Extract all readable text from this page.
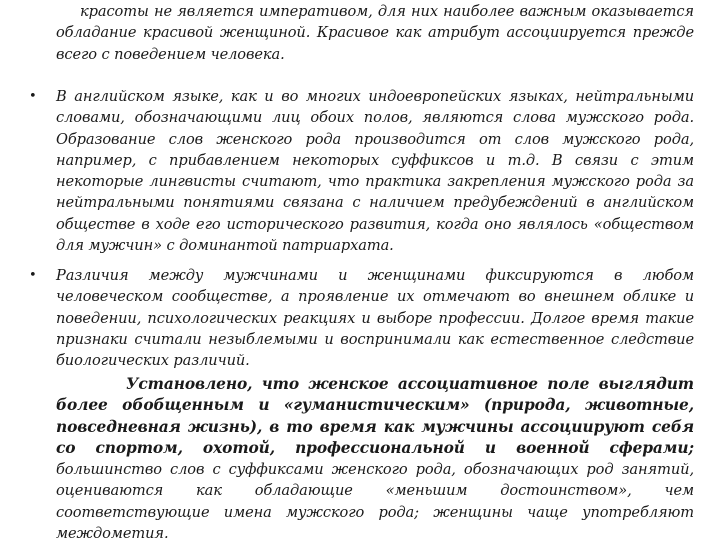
красоты не является императивом, для них наиболее важным оказывается обладание красивой женщиной. Красивое как атрибут ассоциируется прежде всего с поведением человека.

• В английском языке, как и во многих индоевропейских языках, нейтральными словами, обозначающими лиц обоих полов, являются слова мужского рода. Образование слов женского рода производится от слов мужского рода, например, с прибавлением некоторых суффиксов и т.д. В связи с этим некоторые лингвисты считают, что практика закрепления мужского рода за нейтральными понятиями связана с наличием предубеждений в английском обществе в ходе его исторического развития, когда оно являлось «обществом для мужчин» с доминантой патриархата.

• Различия между мужчинами и женщинами фиксируются в любом человеческом сообществе, а проявление их отмечают во внешнем облике и поведении, психологических реакциях и выборе профессии. Долгое время такие признаки считали незыблемыми и воспринимали как естественное следствие биологических различий.

Установлено, что женское ассоциативное поле выглядит более обобщенным и «гуманистическим» (природа, животные, повседневная жизнь), в то время как мужчины ассоциируют себя со спортом, охотой, профессиональной и военной сферами; большинство слов с суффиксами женского рода, обозначающих род занятий, оцениваются как обладающие «меньшим достоинством», чем соответствующие имена мужского рода; женщины чаще употребляют междометия.
